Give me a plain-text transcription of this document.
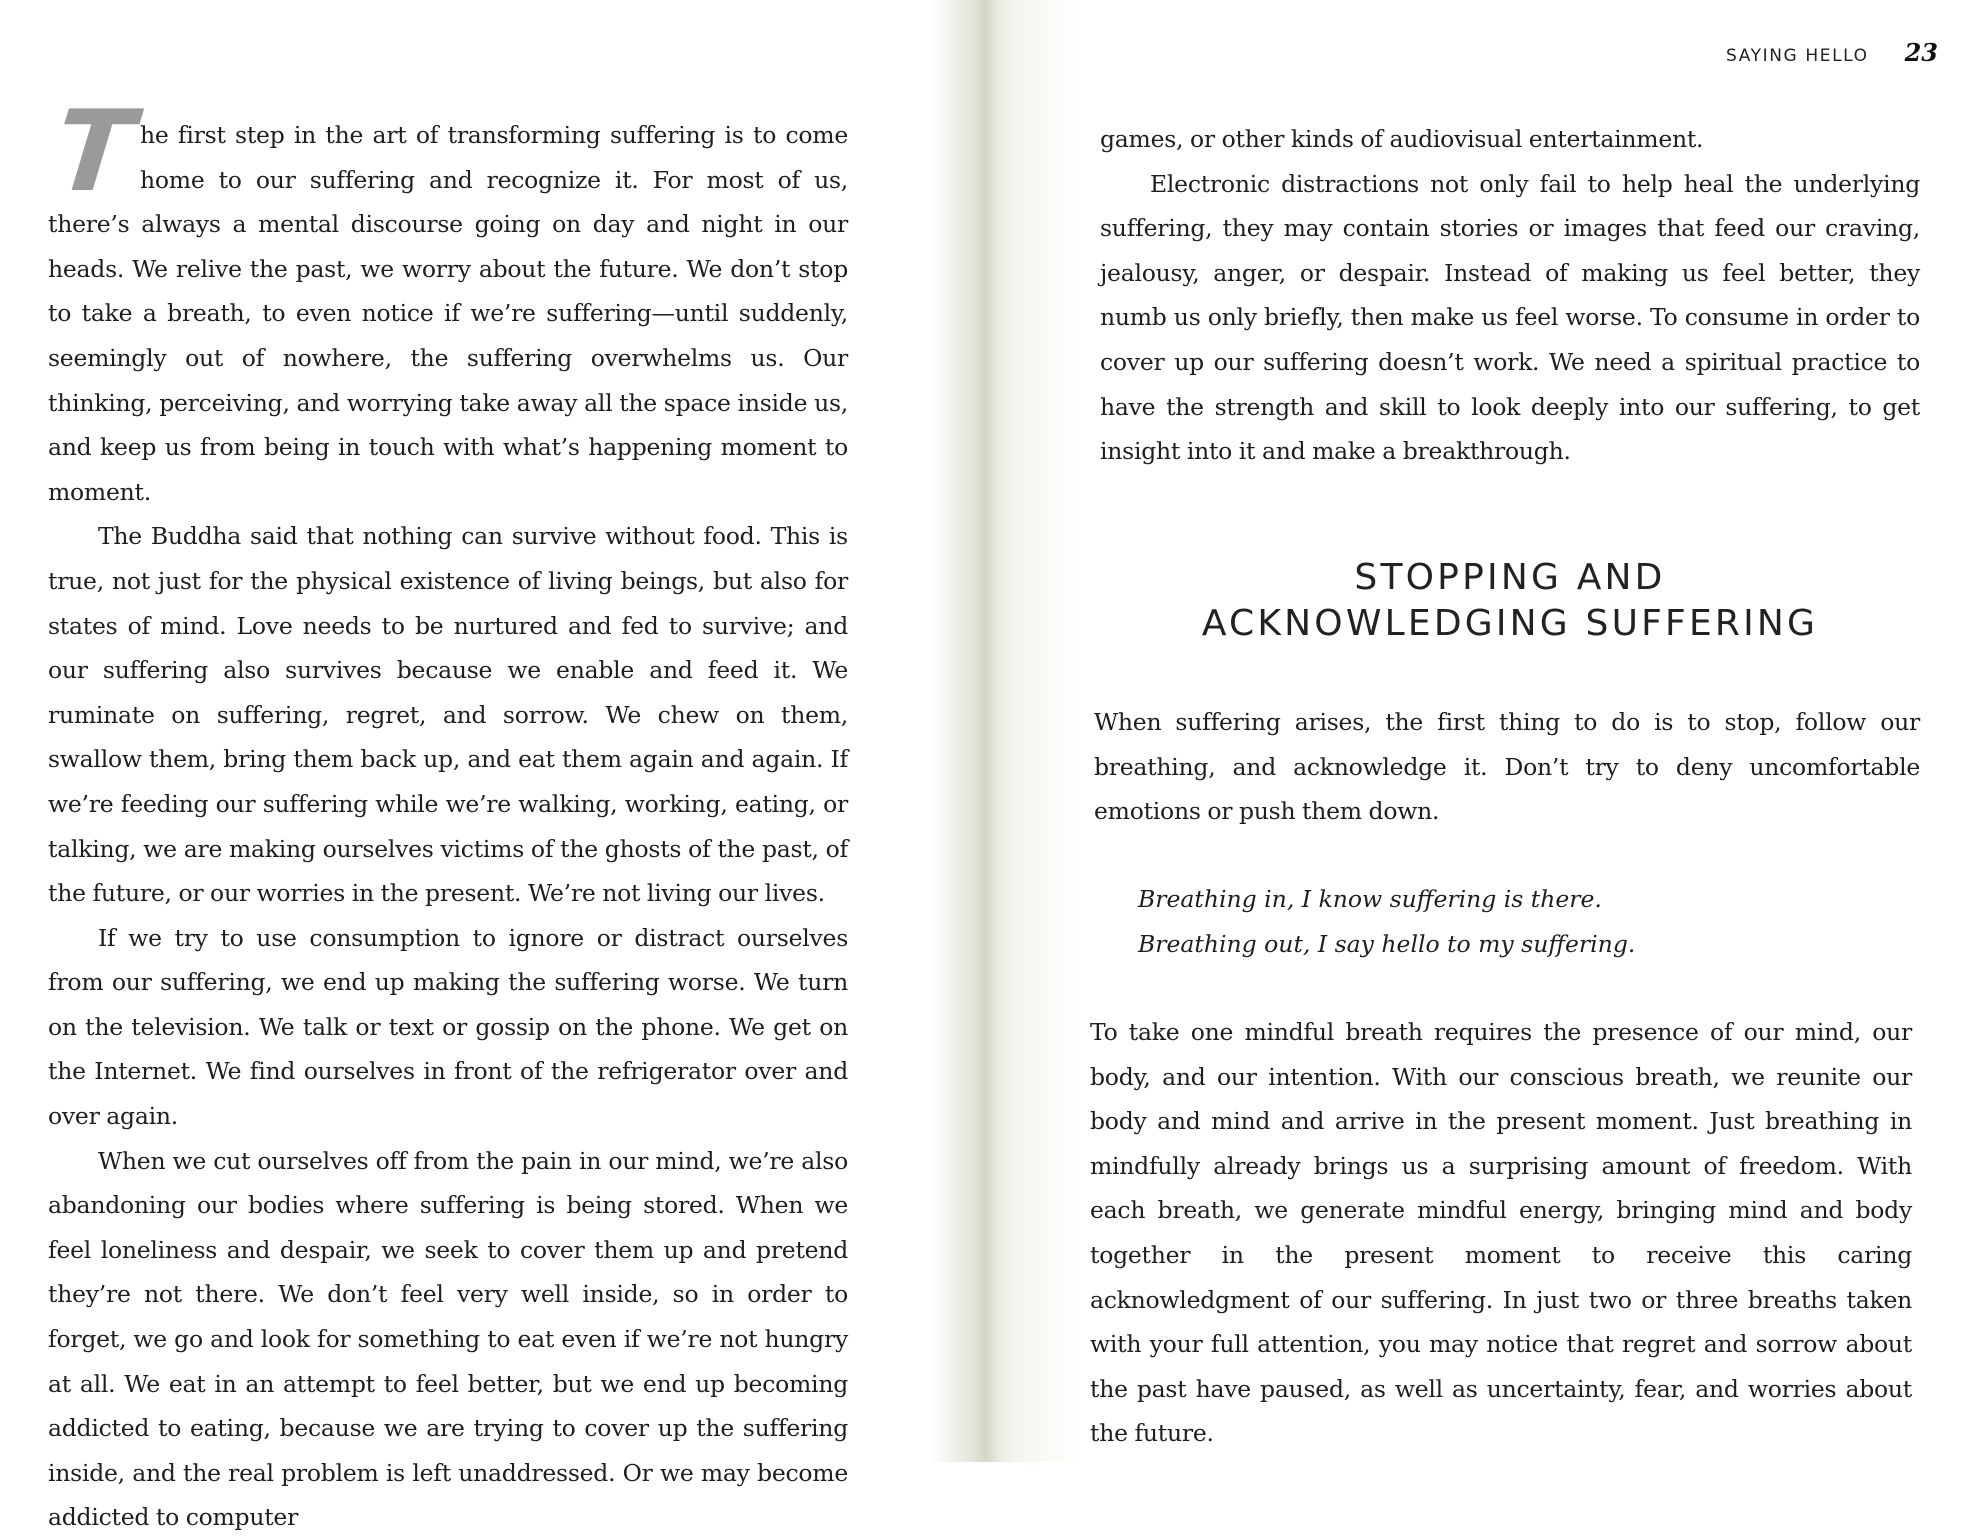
The first step in the art of transforming suffering is to come home to our suffering and recognize it. For most of us, there’s always a mental discourse going on day and night in our heads. We relive the past, we worry about the future. We don’t stop to take a breath, to even notice if we’re suffering—until suddenly, seemingly out of nowhere, the suffering overwhelms us. Our thinking, perceiving, and worrying take away all the space inside us, and keep us from being in touch with what’s happening moment to moment.

The Buddha said that nothing can survive without food. This is true, not just for the physical existence of living beings, but also for states of mind. Love needs to be nurtured and fed to survive; and our suffering also survives because we enable and feed it. We ruminate on suffering, regret, and sorrow. We chew on them, swallow them, bring them back up, and eat them again and again. If we’re feeding our suffering while we’re walking, working, eating, or talking, we are making ourselves victims of the ghosts of the past, of the future, or our worries in the present. We’re not living our lives.

If we try to use consumption to ignore or distract ourselves from our suffering, we end up making the suffering worse. We turn on the television. We talk or text or gossip on the phone. We get on the Internet. We find ourselves in front of the refrigerator over and over again.

When we cut ourselves off from the pain in our mind, we’re also abandoning our bodies where suffering is being stored. When we feel loneliness and despair, we seek to cover them up and pretend they’re not there. We don’t feel very well inside, so in order to forget, we go and look for something to eat even if we’re not hungry at all. We eat in an attempt to feel better, but we end up becoming addicted to eating, because we are trying to cover up the suffering inside, and the real problem is left unaddressed. Or we may become addicted to computer

SAYING HELLO 23

games, or other kinds of audiovisual entertainment.

Electronic distractions not only fail to help heal the underlying suffering, they may contain stories or images that feed our craving, jealousy, anger, or despair. Instead of making us feel better, they numb us only briefly, then make us feel worse. To consume in order to cover up our suffering doesn’t work. We need a spiritual practice to have the strength and skill to look deeply into our suffering, to get insight into it and make a breakthrough.

STOPPING AND
ACKNOWLEDGING SUFFERING

When suffering arises, the first thing to do is to stop, follow our breathing, and acknowledge it. Don’t try to deny uncomfortable emotions or push them down.

Breathing in, I know suffering is there.
Breathing out, I say hello to my suffering.

To take one mindful breath requires the presence of our mind, our body, and our intention. With our conscious breath, we reunite our body and mind and arrive in the present moment. Just breathing in mindfully already brings us a surprising amount of freedom. With each breath, we generate mindful energy, bringing mind and body together in the present moment to receive this caring acknowledgment of our suffering. In just two or three breaths taken with your full attention, you may notice that regret and sorrow about the past have paused, as well as uncertainty, fear, and worries about the future.
